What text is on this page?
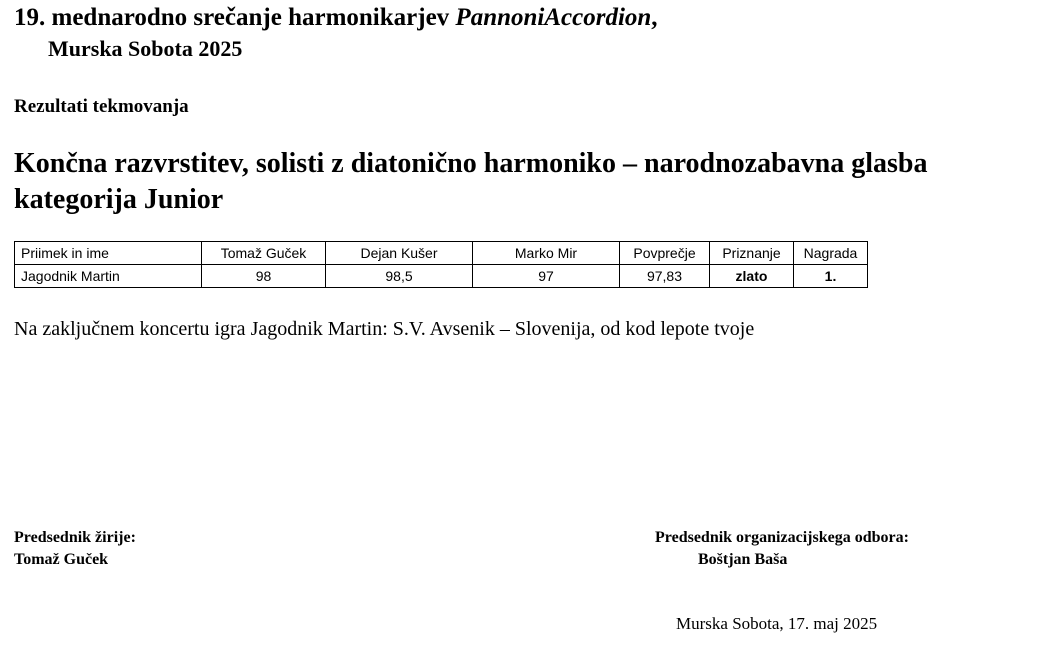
19. mednarodno srečanje harmonikarjev PannoniAccordion,
Murska Sobota 2025
Rezultati tekmovanja
Končna razvrstitev, solisti z diatonično harmoniko – narodnozabavna glasba
kategorija Junior
Priimek in ime	Tomaž Guček	Dejan Kušer	Marko Mir	Povprečje	Priznanje	Nagrada
Jagodnik Martin	98	98,5	97	97,83	zlato	1.
Na zaključnem koncertu igra Jagodnik Martin: S.V. Avsenik – Slovenija, od kod lepote tvoje
Predsednik žirije:
Tomaž Guček
Predsednik organizacijskega odbora:
Boštjan Baša
Murska Sobota, 17. maj 2025
